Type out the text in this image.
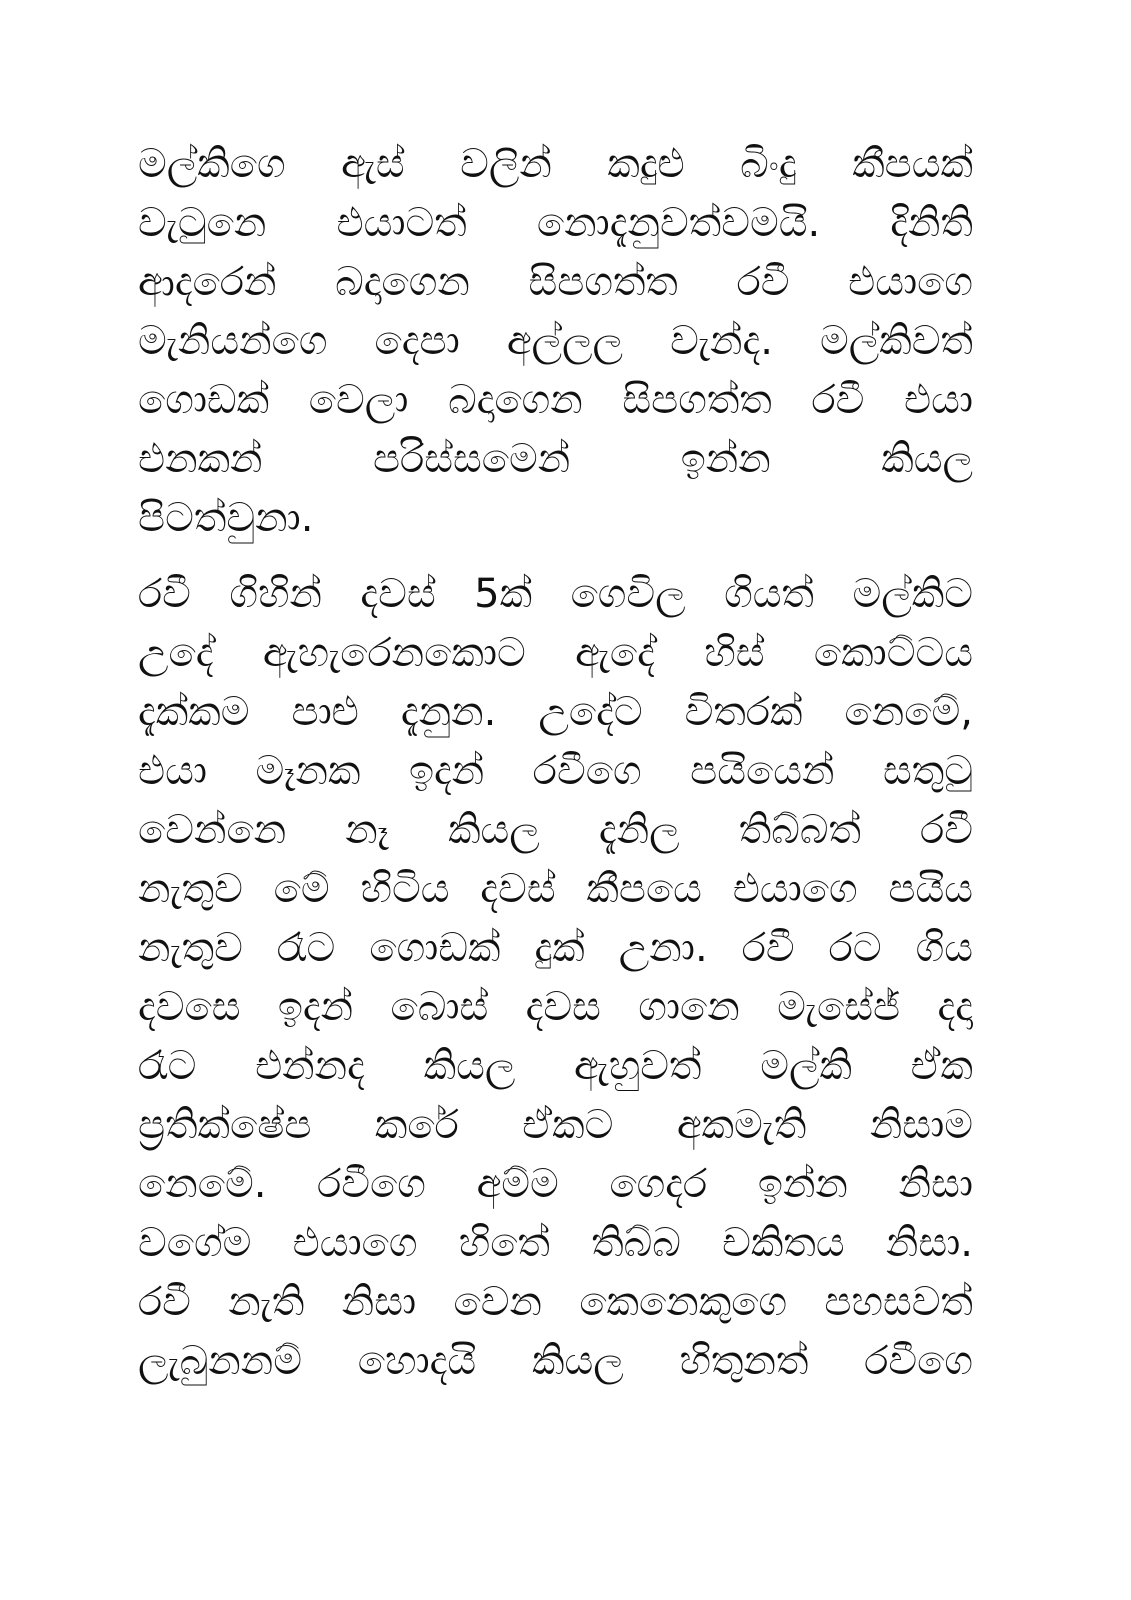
මල්කිගෙ ඇස් වලින් කදුළු බිංදු කීපයක්
වැටුනෙ එයාටත් නොදැනුවත්වමයි. දිනිති
ආදරෙන් බදාගෙන සිපගත්ත රවී එයාගෙ
මැනියන්ගෙ දෙපා අල්ලල වැන්ද. මල්කිවත්
ගොඩක් වෙලා බදාගෙන සිපගත්ත රවී එයා
එනකන් පරිස්සමෙන් ඉන්න කියල
පිටත්වුනා.
රවී ගිහින් දවස් 5ක් ගෙවිල ගියත් මල්කිට
උදේ ඇහැරෙනකොට ඇදේ හිස් කොට්ටය
දැක්කම පාළු දැනුන. උදේට විතරක් නෙමේ,
එයා මෑනක ඉදන් රවීගෙ පයියෙන් සතුටු
වෙන්නෙ නෑ කියල දැනිල තිබ්බත් රවී
නැතුව මේ හිටිය දවස් කීපයෙ එයාගෙ පයිය
නැතුව රෑට ගොඩක් දුක් උනා. රවී රට ගිය
දවසෙ ඉදන් බොස් දවස ගානෙ මැසේජ් දදා
රෑට එන්නද කියල ඇහුවත් මල්කි ඒක
ප්‍රතික්ෂේප කරේ ඒකට අකමැති නිසාම
නෙමේ. රවීගෙ අම්ම ගෙදර ඉන්න නිසා
වගේම එයාගෙ හිතේ තිබ්බ චකිතය නිසා.
රවී නැති නිසා වෙන කෙනෙකුගෙ පහසවත්
ලැබුනනම් හොදයි කියල හිතුනත් රවීගෙ
